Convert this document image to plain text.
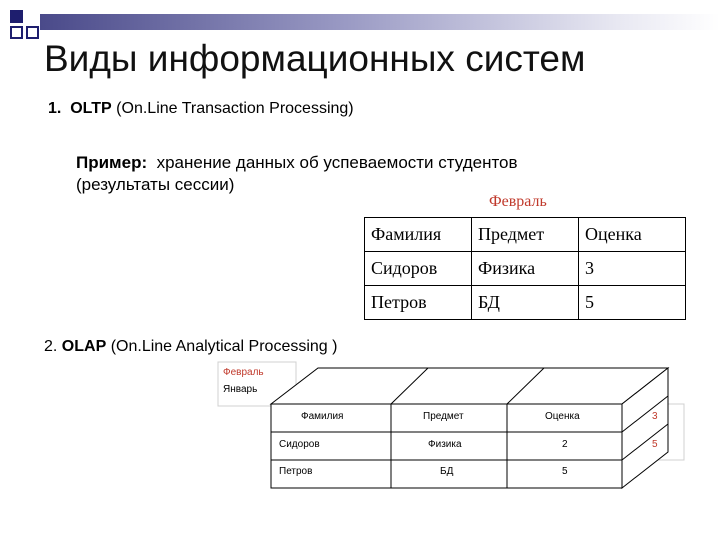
Виды информационных систем
1. OLTP (On.Line Transaction Processing)
Пример: хранение данных об успеваемости студентов
(результаты сессии)
Февраль
Фамилия	Предмет	Оценка
Сидоров	Физика	3
Петров	БД	5
2. OLAP (On.Line Analytical Processing )
Февраль
Январь
Фамилия	Предмет	Оценка
Сидоров	Физика	2
Петров	БД	5
3
5
